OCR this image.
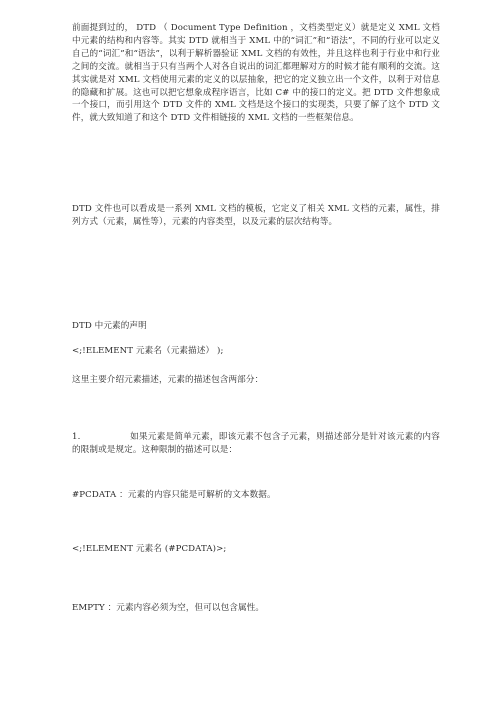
前面提到过的， DTD （ Document Type Definition ，文档类型定义）就是定义 XML 文档中元素的结构和内容等。其实 DTD 就相当于 XML 中的“词汇”和“语法”，不同的行业可以定义自己的“词汇”和“语法”，以利于解析器验证 XML 文档的有效性，并且这样也利于行业中和行业之间的交流。就相当于只有当两个人对各自说出的词汇都理解对方的时候才能有顺利的交流。这其实就是对 XML 文档使用元素的定义的以层抽象，把它的定义独立出一个文件，以利于对信息的隐藏和扩展。这也可以把它想象成程序语言，比如 C# 中的接口的定义。把 DTD 文件想象成一个接口，而引用这个 DTD 文件的 XML 文档是这个接口的实现类，只要了解了这个 DTD 文件，就大致知道了和这个 DTD 文件相链接的 XML 文档的一些框架信息。
DTD 文件也可以看成是一系列 XML 文档的模板，它定义了相关 XML 文档的元素，属性，排列方式（元素，属性等），元素的内容类型，以及元素的层次结构等。
DTD 中元素的声明
<;!ELEMENT 元素名（元素描述） );
这里主要介绍元素描述，元素的描述包含两部分：
1.	如果元素是简单元素，即该元素不包含子元素，则描述部分是针对该元素的内容的限制或是规定。这种限制的描述可以是：
#PCDATA ：元素的内容只能是可解析的文本数据。
<;!ELEMENT 元素名 (#PCDATA)>;
EMPTY ：元素内容必须为空，但可以包含属性。
